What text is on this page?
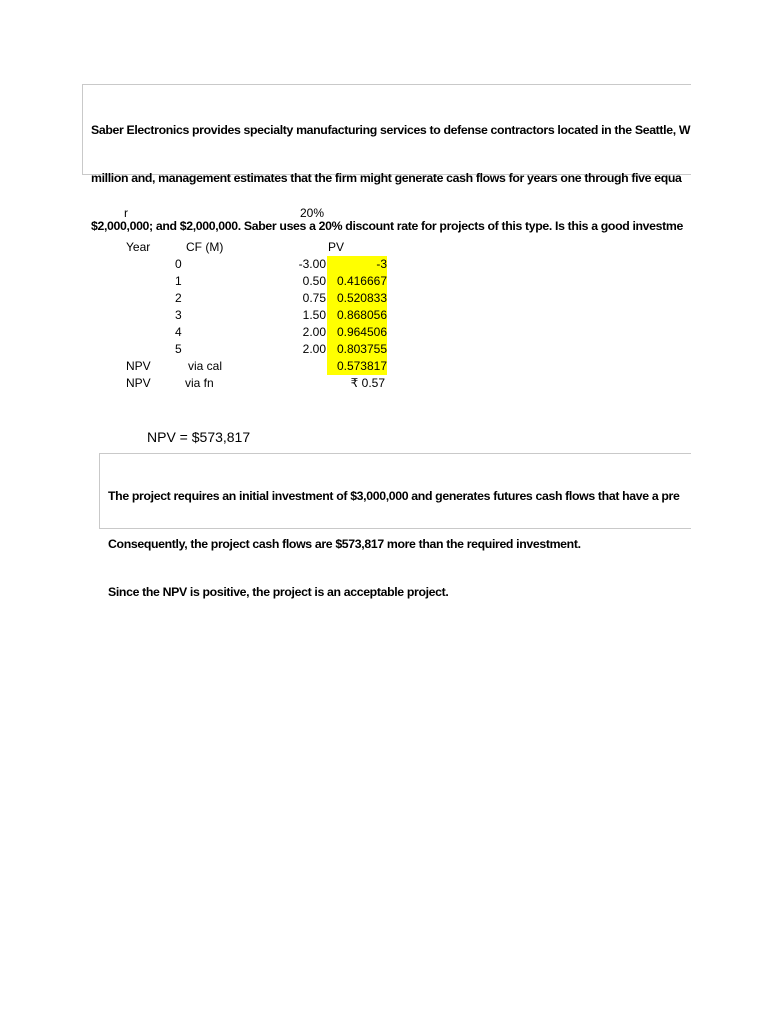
Saber Electronics provides specialty manufacturing services to defense contractors located in the Seattle, W

million and, management estimates that the firm might generate cash flows for years one through five equa

$2,000,000; and $2,000,000. Saber uses a 20% discount rate for projects of this type. Is this a good investme

r	20%
Year	CF (M)	PV
0	-3.00	-3
1	0.50 0.416667
2	0.75 0.520833
3	1.50 0.868056
4	2.00 0.964506
5	2.00 0.803755
NPV	via cal	0.573817
NPV	via fn	₹ 0.57
NPV = $573,817

The project requires an initial investment of $3,000,000 and generates futures cash flows that have a pre

Consequently, the project cash flows are $573,817 more than the required investment.

Since the NPV is positive, the project is an acceptable project.
